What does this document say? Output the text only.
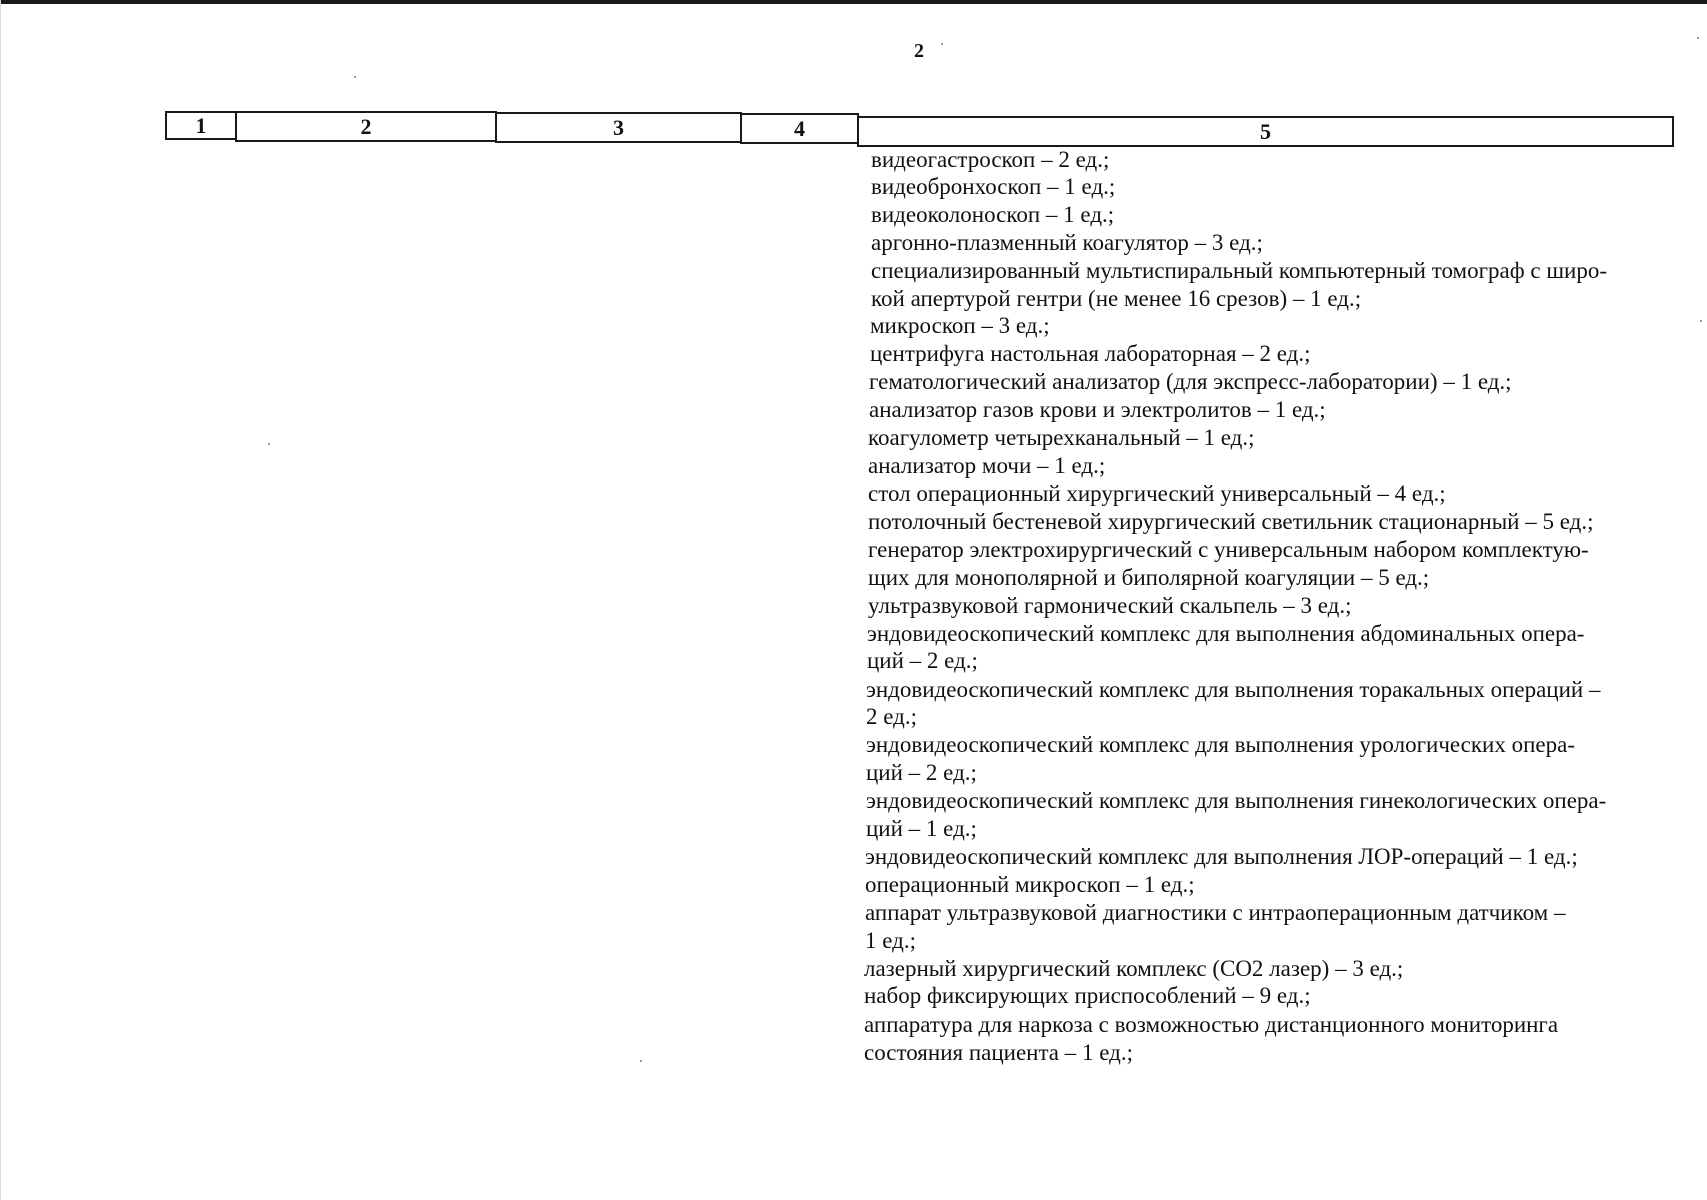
2
1	2	3	4	5
видеогастроскоп – 2 ед.;
видеобронхоскоп – 1 ед.;
видеоколоноскоп – 1 ед.;
аргонно-плазменный коагулятор – 3 ед.;
специализированный мультиспиральный компьютерный томограф с широ-
кой апертурой гентри (не менее 16 срезов) – 1 ед.;
микроскоп – 3 ед.;
центрифуга настольная лабораторная – 2 ед.;
гематологический анализатор (для экспресс-лаборатории) – 1 ед.;
анализатор газов крови и электролитов – 1 ед.;
коагулометр четырехканальный – 1 ед.;
анализатор мочи – 1 ед.;
стол операционный хирургический универсальный – 4 ед.;
потолочный бестеневой хирургический светильник стационарный – 5 ед.;
генератор электрохирургический с универсальным набором комплектую-
щих для монополярной и биполярной коагуляции – 5 ед.;
ультразвуковой гармонический скальпель – 3 ед.;
эндовидеоскопический комплекс для выполнения абдоминальных опера-
ций – 2 ед.;
эндовидеоскопический комплекс для выполнения торакальных операций –
2 ед.;
эндовидеоскопический комплекс для выполнения урологических опера-
ций – 2 ед.;
эндовидеоскопический комплекс для выполнения гинекологических опера-
ций – 1 ед.;
эндовидеоскопический комплекс для выполнения ЛОР-операций – 1 ед.;
операционный микроскоп – 1 ед.;
аппарат ультразвуковой диагностики с интраоперационным датчиком –
1 ед.;
лазерный хирургический комплекс (СО2 лазер) – 3 ед.;
набор фиксирующих приспособлений – 9 ед.;
аппаратура для наркоза с возможностью дистанционного мониторинга
состояния пациента – 1 ед.;
